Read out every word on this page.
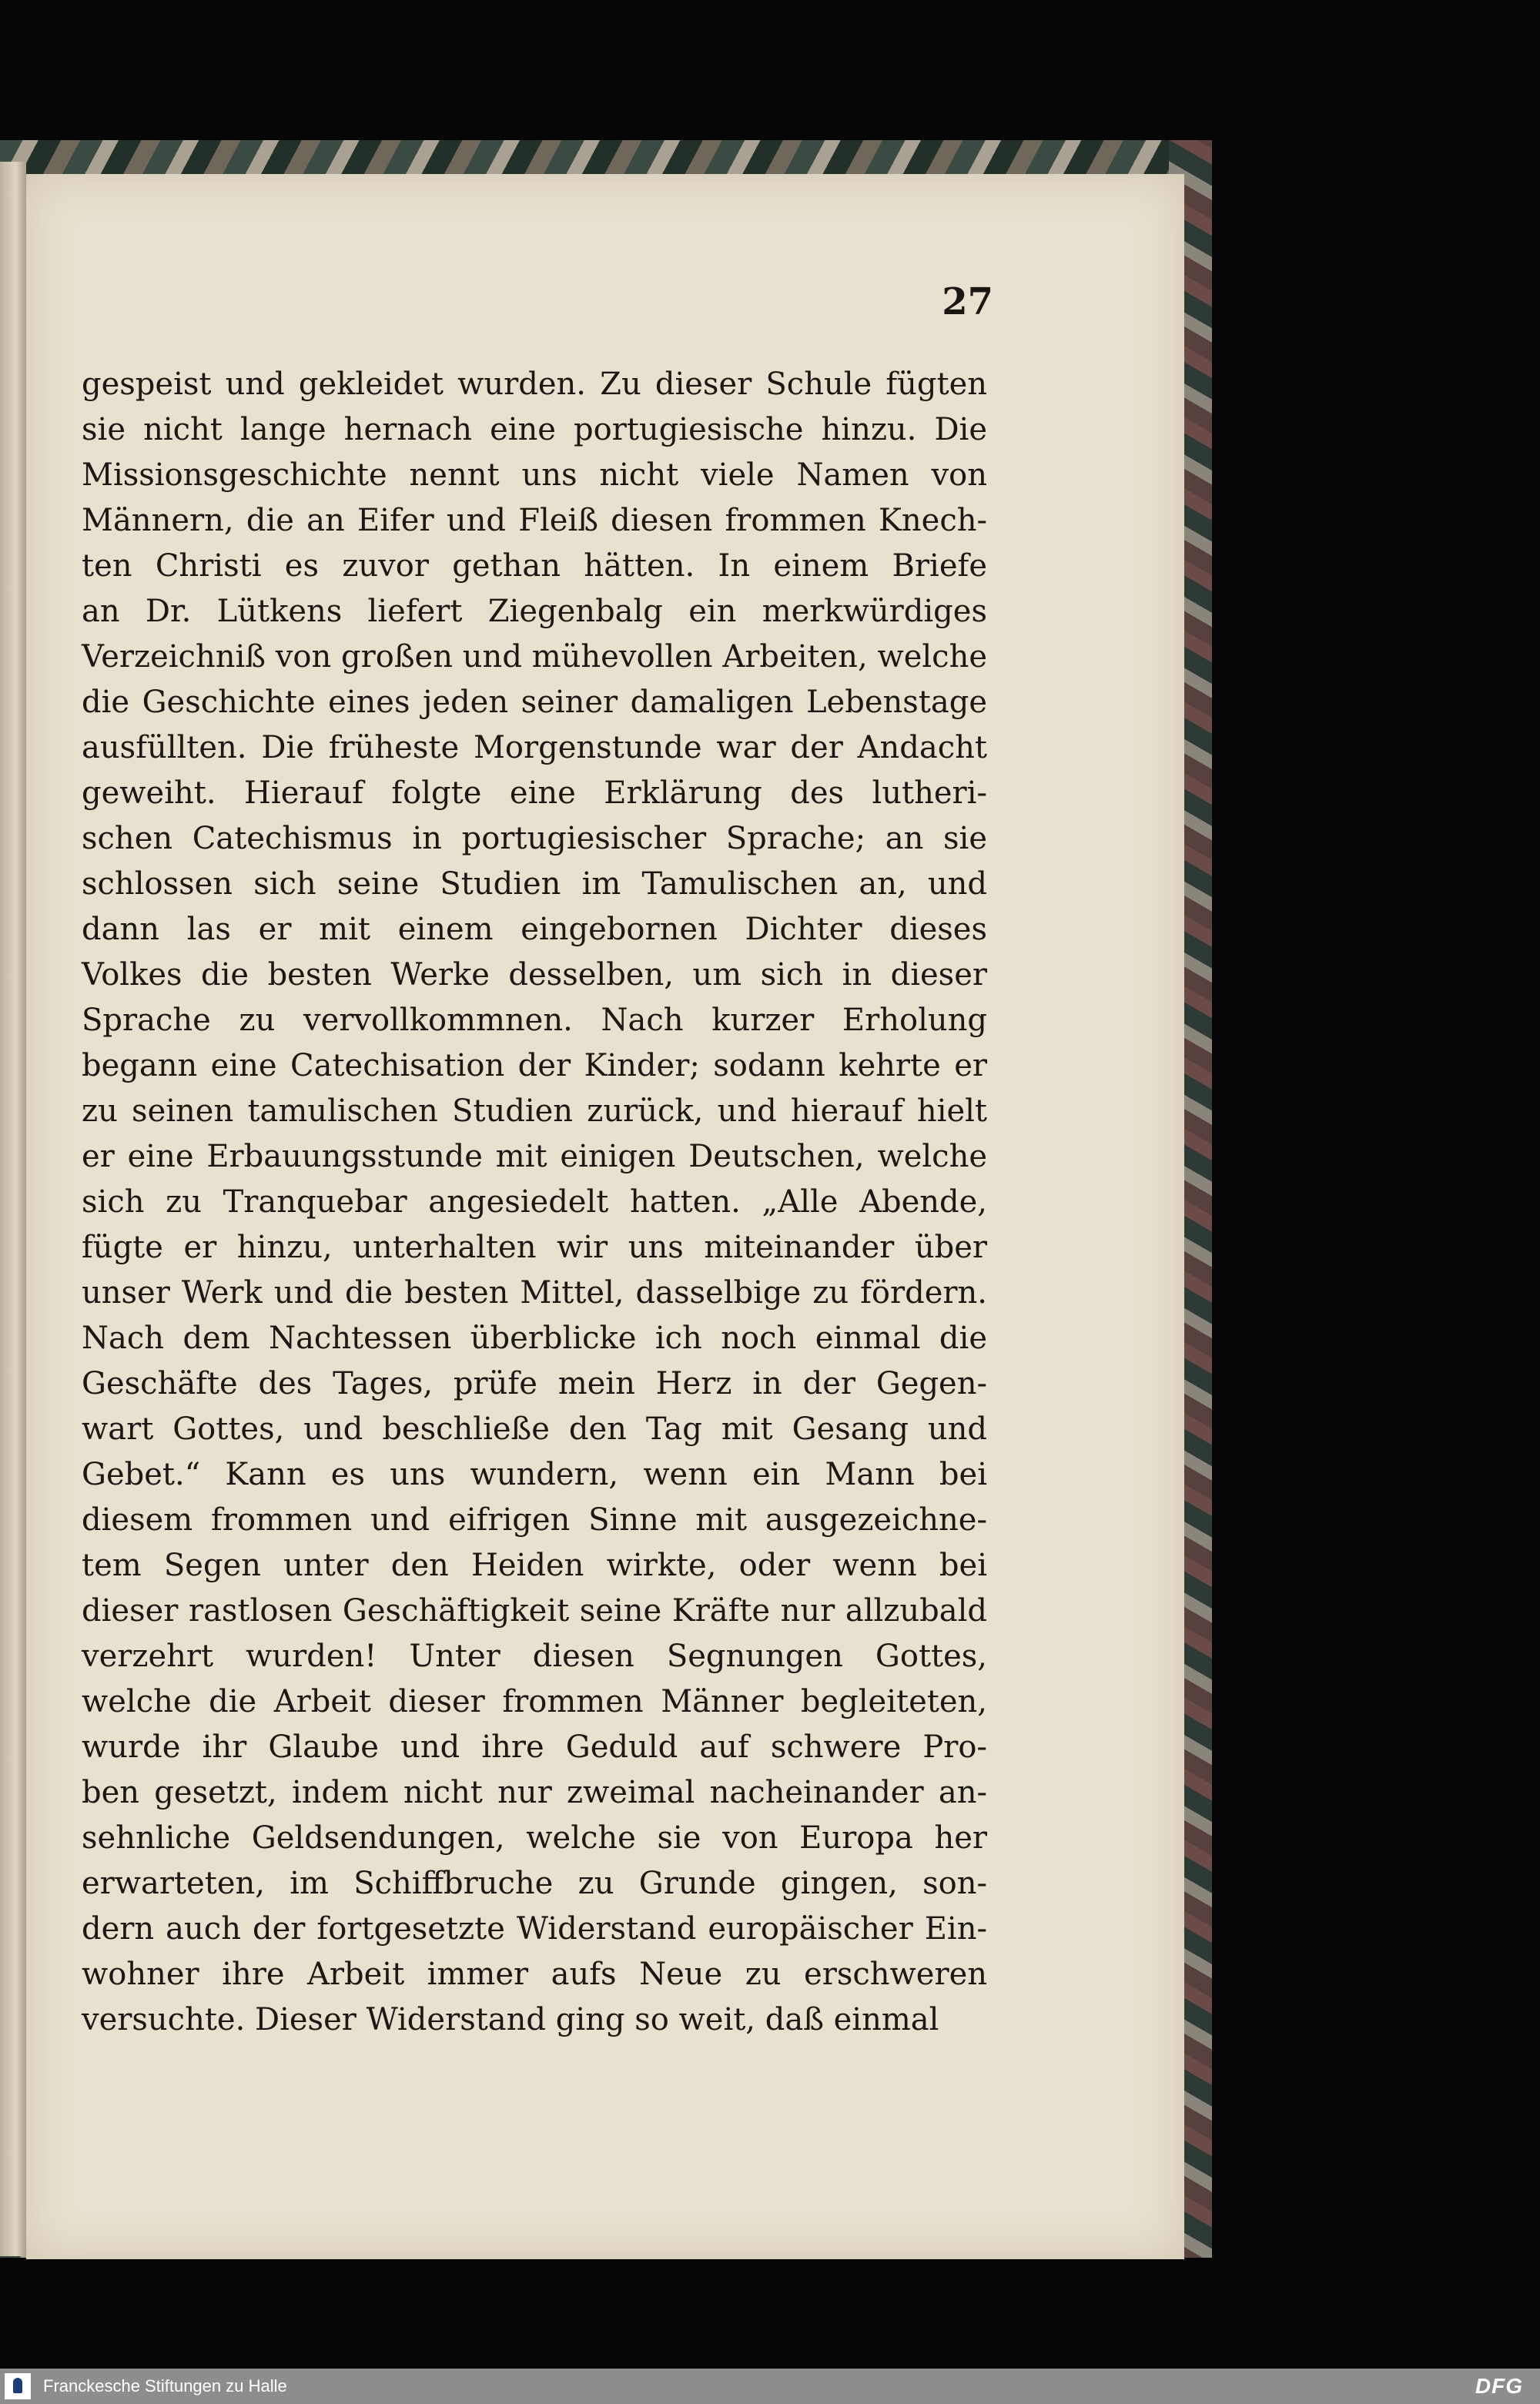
27
gespeist und gekleidet wurden. Zu dieser Schule fügten
sie nicht lange hernach eine portugiesische hinzu. Die
Missionsgeschichte nennt uns nicht viele Namen von
Männern, die an Eifer und Fleiß diesen frommen Knech-
ten Christi es zuvor gethan hätten. In einem Briefe
an Dr. Lütkens liefert Ziegenbalg ein merkwürdiges
Verzeichniß von großen und mühevollen Arbeiten, welche
die Geschichte eines jeden seiner damaligen Lebenstage
ausfüllten. Die früheste Morgenstunde war der Andacht
geweiht. Hierauf folgte eine Erklärung des lutheri-
schen Catechismus in portugiesischer Sprache; an sie
schlossen sich seine Studien im Tamulischen an, und
dann las er mit einem eingebornen Dichter dieses
Volkes die besten Werke desselben, um sich in dieser
Sprache zu vervollkommnen. Nach kurzer Erholung
begann eine Catechisation der Kinder; sodann kehrte er
zu seinen tamulischen Studien zurück, und hierauf hielt
er eine Erbauungsstunde mit einigen Deutschen, welche
sich zu Tranquebar angesiedelt hatten. „Alle Abende,
fügte er hinzu, unterhalten wir uns miteinander über
unser Werk und die besten Mittel, dasselbige zu fördern.
Nach dem Nachtessen überblicke ich noch einmal die
Geschäfte des Tages, prüfe mein Herz in der Gegen-
wart Gottes, und beschließe den Tag mit Gesang und
Gebet.“ Kann es uns wundern, wenn ein Mann bei
diesem frommen und eifrigen Sinne mit ausgezeichne-
tem Segen unter den Heiden wirkte, oder wenn bei
dieser rastlosen Geschäftigkeit seine Kräfte nur allzubald
verzehrt wurden! Unter diesen Segnungen Gottes,
welche die Arbeit dieser frommen Männer begleiteten,
wurde ihr Glaube und ihre Geduld auf schwere Pro-
ben gesetzt, indem nicht nur zweimal nacheinander an-
sehnliche Geldsendungen, welche sie von Europa her
erwarteten, im Schiffbruche zu Grunde gingen, son-
dern auch der fortgesetzte Widerstand europäischer Ein-
wohner ihre Arbeit immer aufs Neue zu erschweren
versuchte. Dieser Widerstand ging so weit, daß einmal
Franckesche Stiftungen zu Halle	DFG
